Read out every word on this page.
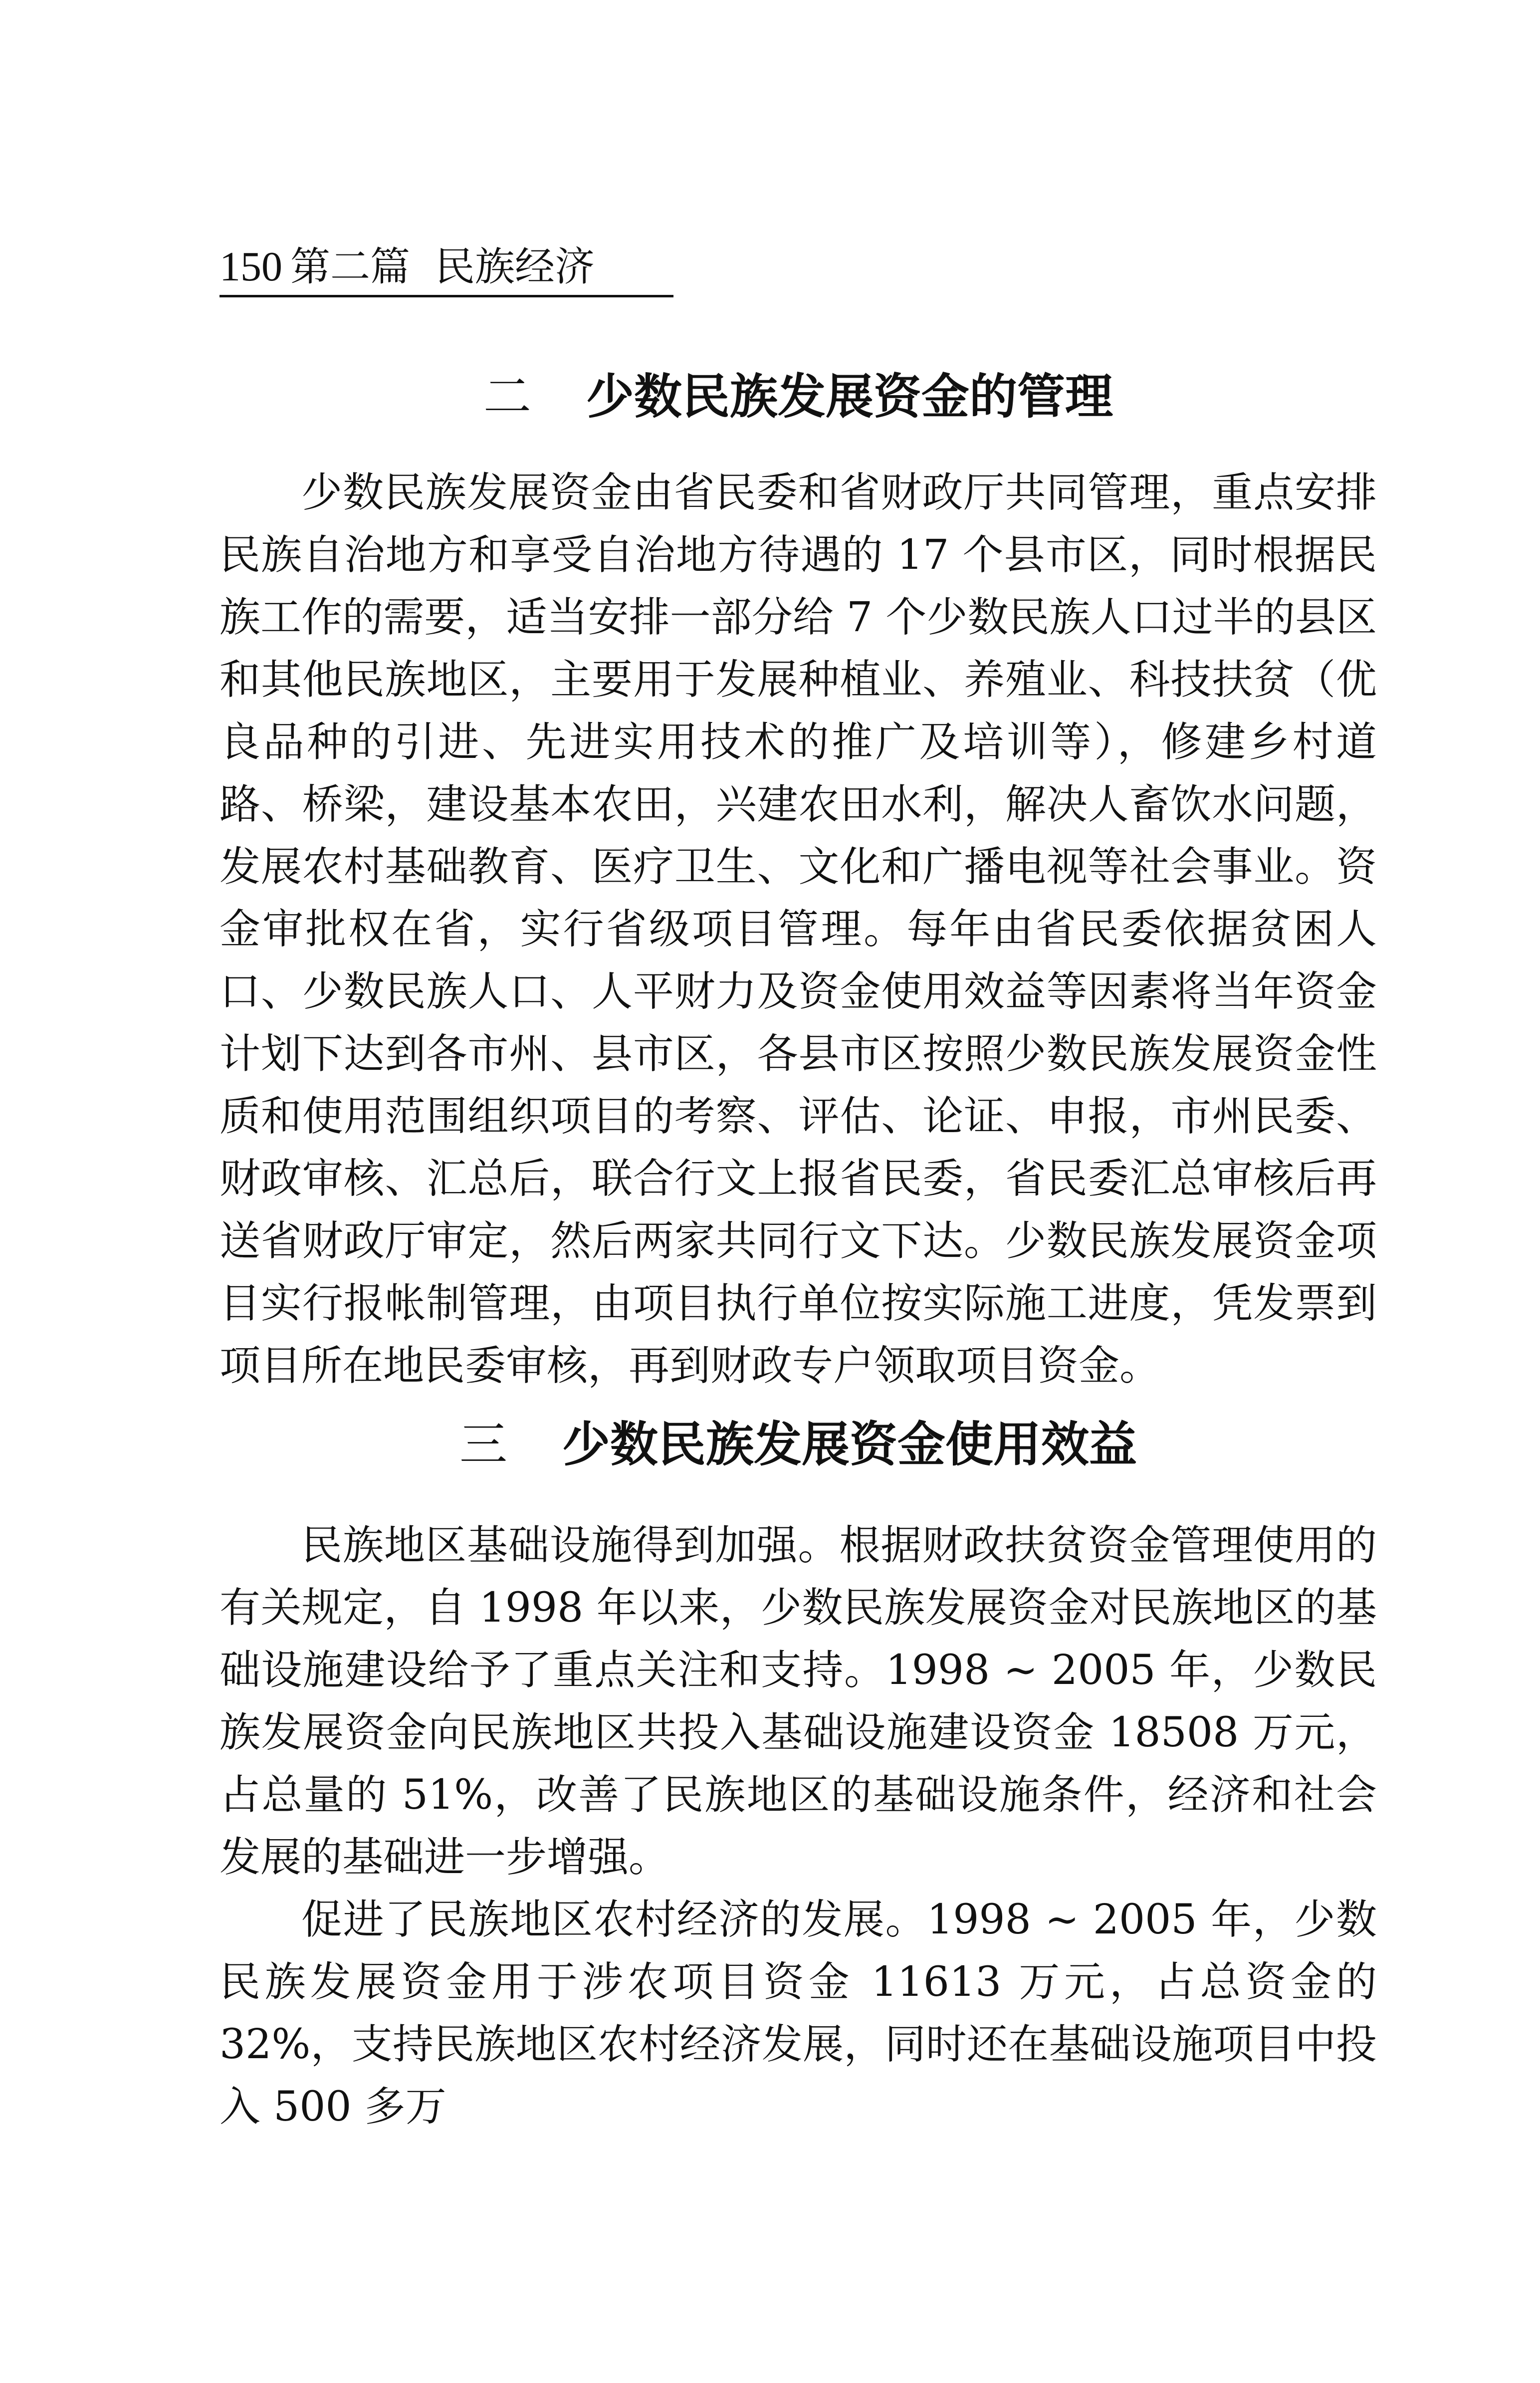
150 第二篇 民族经济
二 少数民族发展资金的管理

少数民族发展资金由省民委和省财政厅共同管理，重点安排民族自治地方和享受自治地方待遇的 17 个县市区，同时根据民族工作的需要，适当安排一部分给 7 个少数民族人口过半的县区和其他民族地区，主要用于发展种植业、养殖业、科技扶贫（优良品种的引进、先进实用技术的推广及培训等），修建乡村道路、桥梁，建设基本农田，兴建农田水利，解决人畜饮水问题，发展农村基础教育、医疗卫生、文化和广播电视等社会事业。资金审批权在省，实行省级项目管理。每年由省民委依据贫困人口、少数民族人口、人平财力及资金使用效益等因素将当年资金计划下达到各市州、县市区，各县市区按照少数民族发展资金性质和使用范围组织项目的考察、评估、论证、申报，市州民委、财政审核、汇总后，联合行文上报省民委，省民委汇总审核后再送省财政厅审定，然后两家共同行文下达。少数民族发展资金项目实行报帐制管理，由项目执行单位按实际施工进度，凭发票到项目所在地民委审核，再到财政专户领取项目资金。

三 少数民族发展资金使用效益

民族地区基础设施得到加强。根据财政扶贫资金管理使用的有关规定，自 1998 年以来，少数民族发展资金对民族地区的基础设施建设给予了重点关注和支持。1998 ~ 2005 年，少数民族发展资金向民族地区共投入基础设施建设资金 18508 万元，占总量的 51%，改善了民族地区的基础设施条件，经济和社会发展的基础进一步增强。

促进了民族地区农村经济的发展。1998 ~ 2005 年，少数民族发展资金用于涉农项目资金 11613 万元，占总资金的 32%，支持民族地区农村经济发展，同时还在基础设施项目中投入 500 多万
